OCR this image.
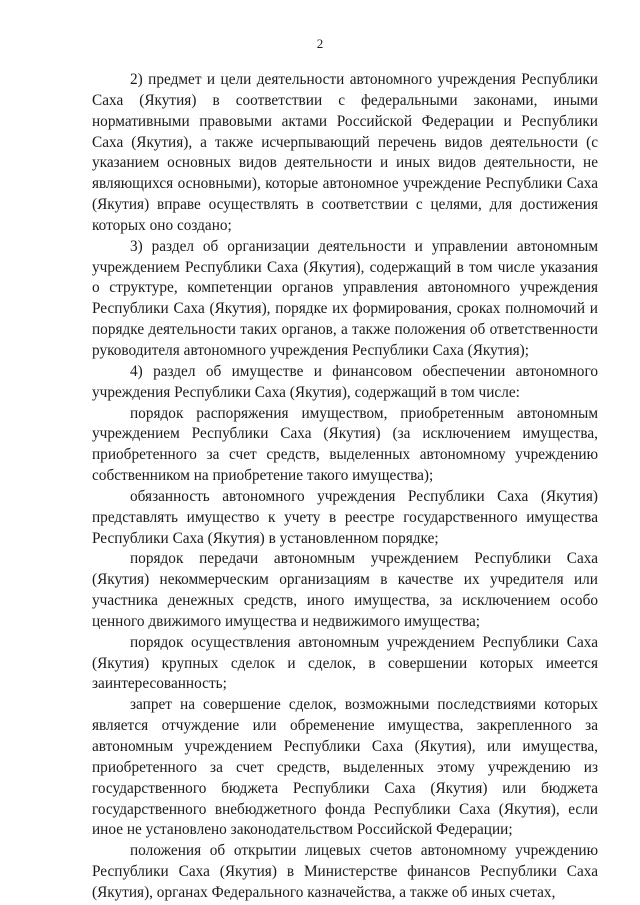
2

2) предмет и цели деятельности автономного учреждения Республики Саха (Якутия) в соответствии с федеральными законами, иными нормативными правовыми актами Российской Федерации и Республики Саха (Якутия), а также исчерпывающий перечень видов деятельности (с указанием основных видов деятельности и иных видов деятельности, не являющихся основными), которые автономное учреждение Республики Саха (Якутия) вправе осуществлять в соответствии с целями, для достижения которых оно создано;

3) раздел об организации деятельности и управлении автономным учреждением Республики Саха (Якутия), содержащий в том числе указания о структуре, компетенции органов управления автономного учреждения Республики Саха (Якутия), порядке их формирования, сроках полномочий и порядке деятельности таких органов, а также положения об ответственности руководителя автономного учреждения Республики Саха (Якутия);

4) раздел об имуществе и финансовом обеспечении автономного учреждения Республики Саха (Якутия), содержащий в том числе:

порядок распоряжения имуществом, приобретенным автономным учреждением Республики Саха (Якутия) (за исключением имущества, приобретенного за счет средств, выделенных автономному учреждению собственником на приобретение такого имущества);

обязанность автономного учреждения Республики Саха (Якутия) представлять имущество к учету в реестре государственного имущества Республики Саха (Якутия) в установленном порядке;

порядок передачи автономным учреждением Республики Саха (Якутия) некоммерческим организациям в качестве их учредителя или участника денежных средств, иного имущества, за исключением особо ценного движимого имущества и недвижимого имущества;

порядок осуществления автономным учреждением Республики Саха (Якутия) крупных сделок и сделок, в совершении которых имеется заинтересованность;

запрет на совершение сделок, возможными последствиями которых является отчуждение или обременение имущества, закрепленного за автономным учреждением Республики Саха (Якутия), или имущества, приобретенного за счет средств, выделенных этому учреждению из государственного бюджета Республики Саха (Якутия) или бюджета государственного внебюджетного фонда Республики Саха (Якутия), если иное не установлено законодательством Российской Федерации;

положения об открытии лицевых счетов автономному учреждению Республики Саха (Якутия) в Министерстве финансов Республики Саха (Якутия), органах Федерального казначейства, а также об иных счетах,
